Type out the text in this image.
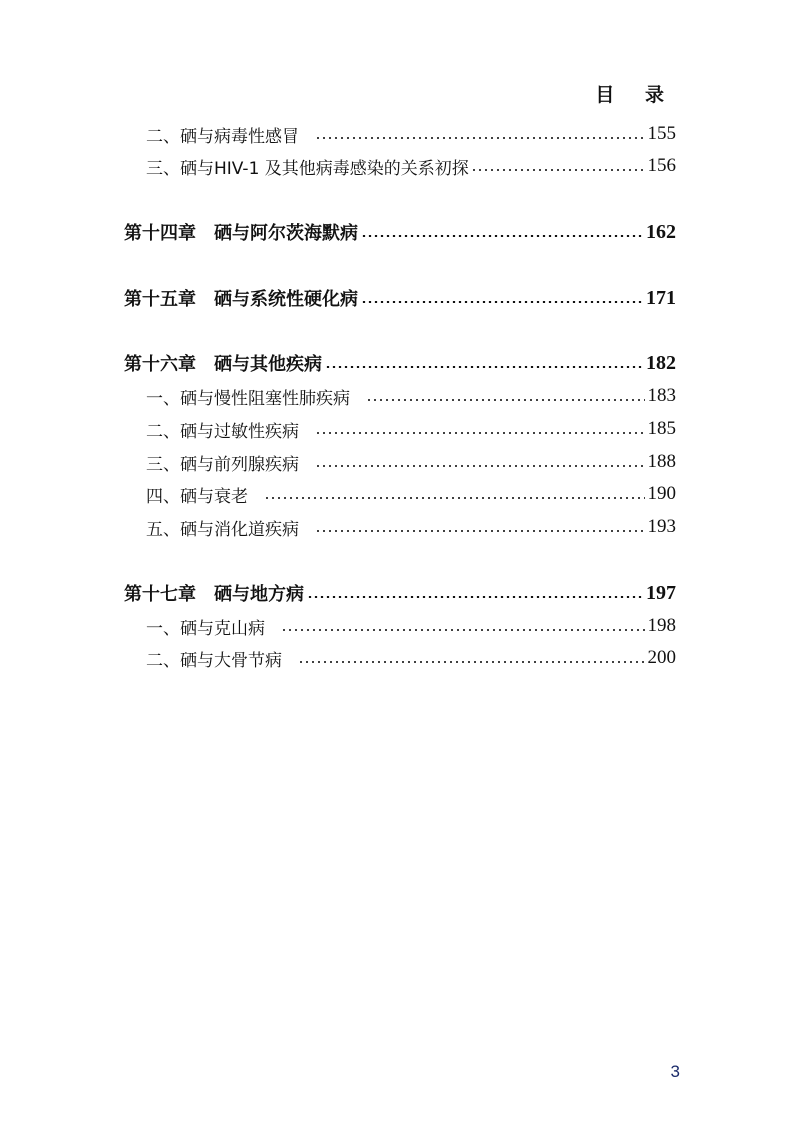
目 录
二、硒与病毒性感冒	155
三、硒与HIV-1 及其他病毒感染的关系初探	156
第十四章　硒与阿尔茨海默病	162
第十五章　硒与系统性硬化病	171
第十六章　硒与其他疾病	182
一、硒与慢性阻塞性肺疾病	183
二、硒与过敏性疾病	185
三、硒与前列腺疾病	188
四、硒与衰老	190
五、硒与消化道疾病	193
第十七章　硒与地方病	197
一、硒与克山病	198
二、硒与大骨节病	200
3
